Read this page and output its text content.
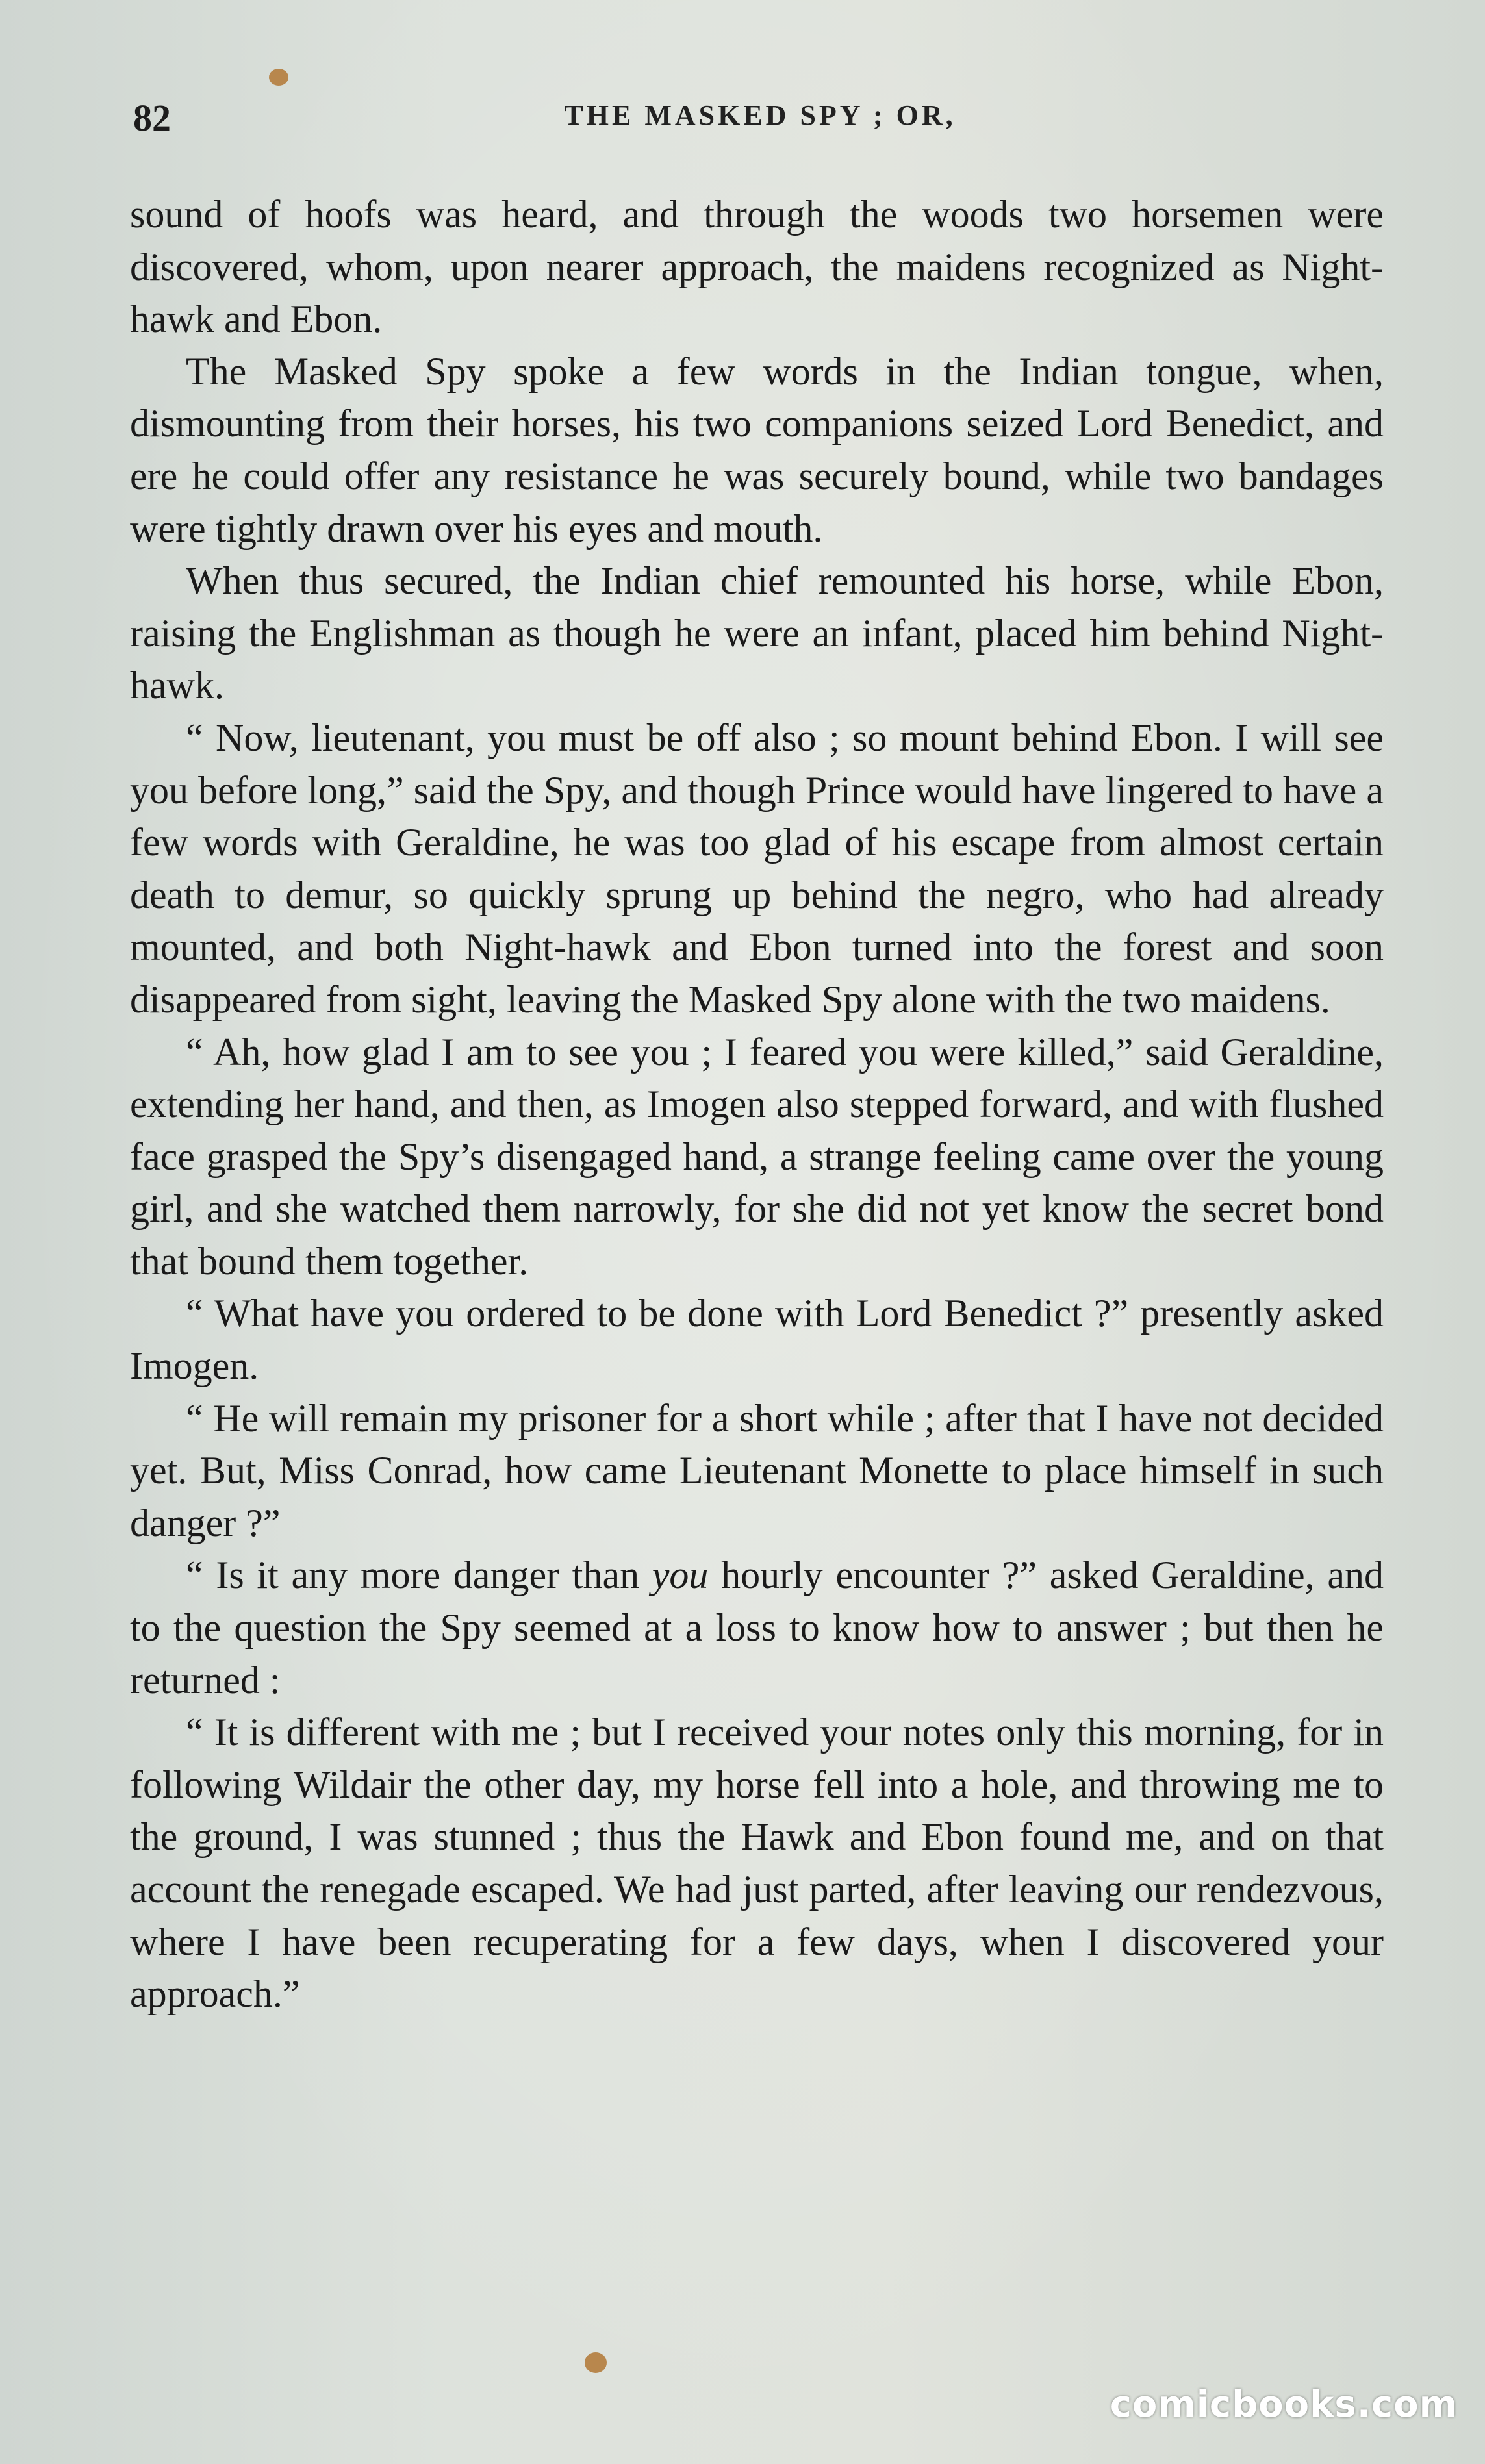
82	THE MASKED SPY ; OR,

sound of hoofs was heard, and through the woods two horsemen were discovered, whom, upon nearer approach, the maidens recognized as Night-hawk and Ebon.

The Masked Spy spoke a few words in the Indian tongue, when, dismounting from their horses, his two companions seized Lord Benedict, and ere he could offer any resistance he was securely bound, while two bandages were tightly drawn over his eyes and mouth.

When thus secured, the Indian chief remounted his horse, while Ebon, raising the Englishman as though he were an infant, placed him behind Night-hawk.

“ Now, lieutenant, you must be off also ; so mount behind Ebon. I will see you before long,” said the Spy, and though Prince would have lingered to have a few words with Geraldine, he was too glad of his escape from almost certain death to demur, so quickly sprung up behind the negro, who had already mounted, and both Night-hawk and Ebon turned into the forest and soon disappeared from sight, leaving the Masked Spy alone with the two maidens.

“ Ah, how glad I am to see you ; I feared you were killed,” said Geraldine, extending her hand, and then, as Imogen also stepped forward, and with flushed face grasped the Spy’s disengaged hand, a strange feeling came over the young girl, and she watched them narrowly, for she did not yet know the secret bond that bound them together.

“ What have you ordered to be done with Lord Benedict ?” presently asked Imogen.

“ He will remain my prisoner for a short while ; after that I have not decided yet. But, Miss Conrad, how came Lieutenant Monette to place himself in such danger ?”

“ Is it any more danger than you hourly encounter ?” asked Geraldine, and to the question the Spy seemed at a loss to know how to answer ; but then he returned :

“ It is different with me ; but I received your notes only this morning, for in following Wildair the other day, my horse fell into a hole, and throwing me to the ground, I was stunned ; thus the Hawk and Ebon found me, and on that account the renegade escaped. We had just parted, after leaving our rendezvous, where I have been recuperating for a few days, when I discovered your approach.”

comicbooks.com
